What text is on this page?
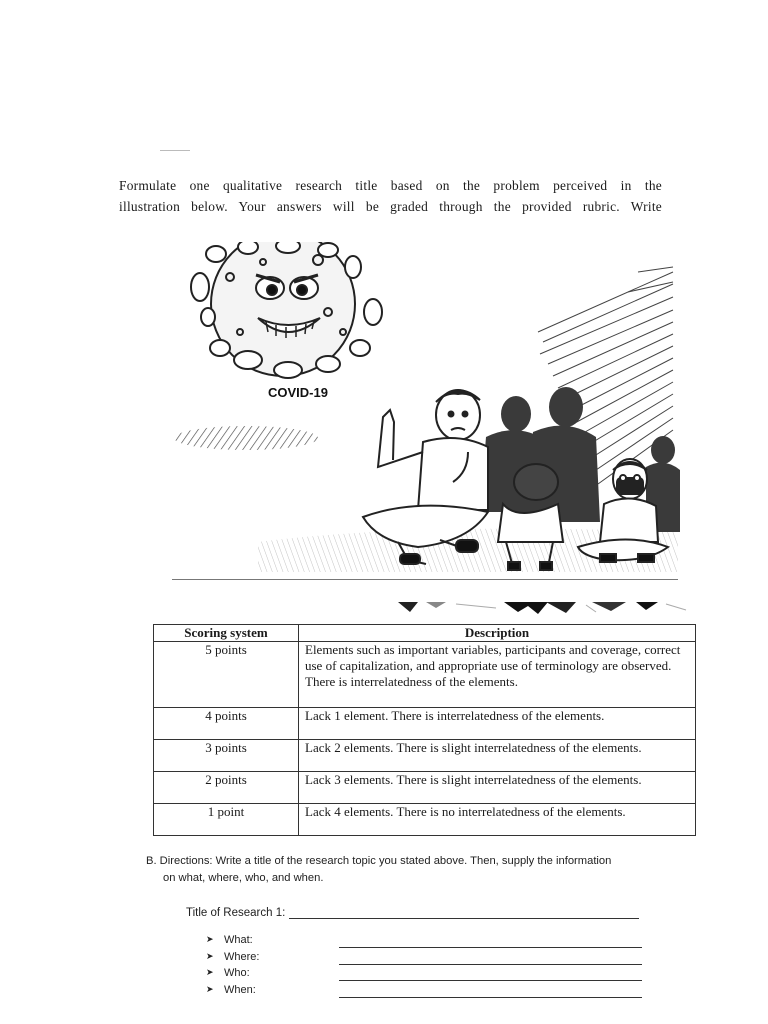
Formulate one qualitative research title based on the problem perceived in the

illustration below. Your answers will be graded through the provided rubric. Write

COVID-19
Scoring system	Description
5 points	Elements such as important variables, participants and coverage, correct use of capitalization, and appropriate use of terminology are observed. There is interrelatedness of the elements.
4 points	Lack 1 element. There is interrelatedness of the elements.
3 points	Lack 2 elements. There is slight interrelatedness of the elements.
2 points	Lack 3 elements. There is slight interrelatedness of the elements.
1 point	Lack 4 elements. There is no interrelatedness of the elements.
B. Directions: Write a title of the research topic you stated above. Then, supply the information
on what, where, who, and when.
Title of Research 1:
➤ What:
➤ Where:
➤ Who:
➤ When:
